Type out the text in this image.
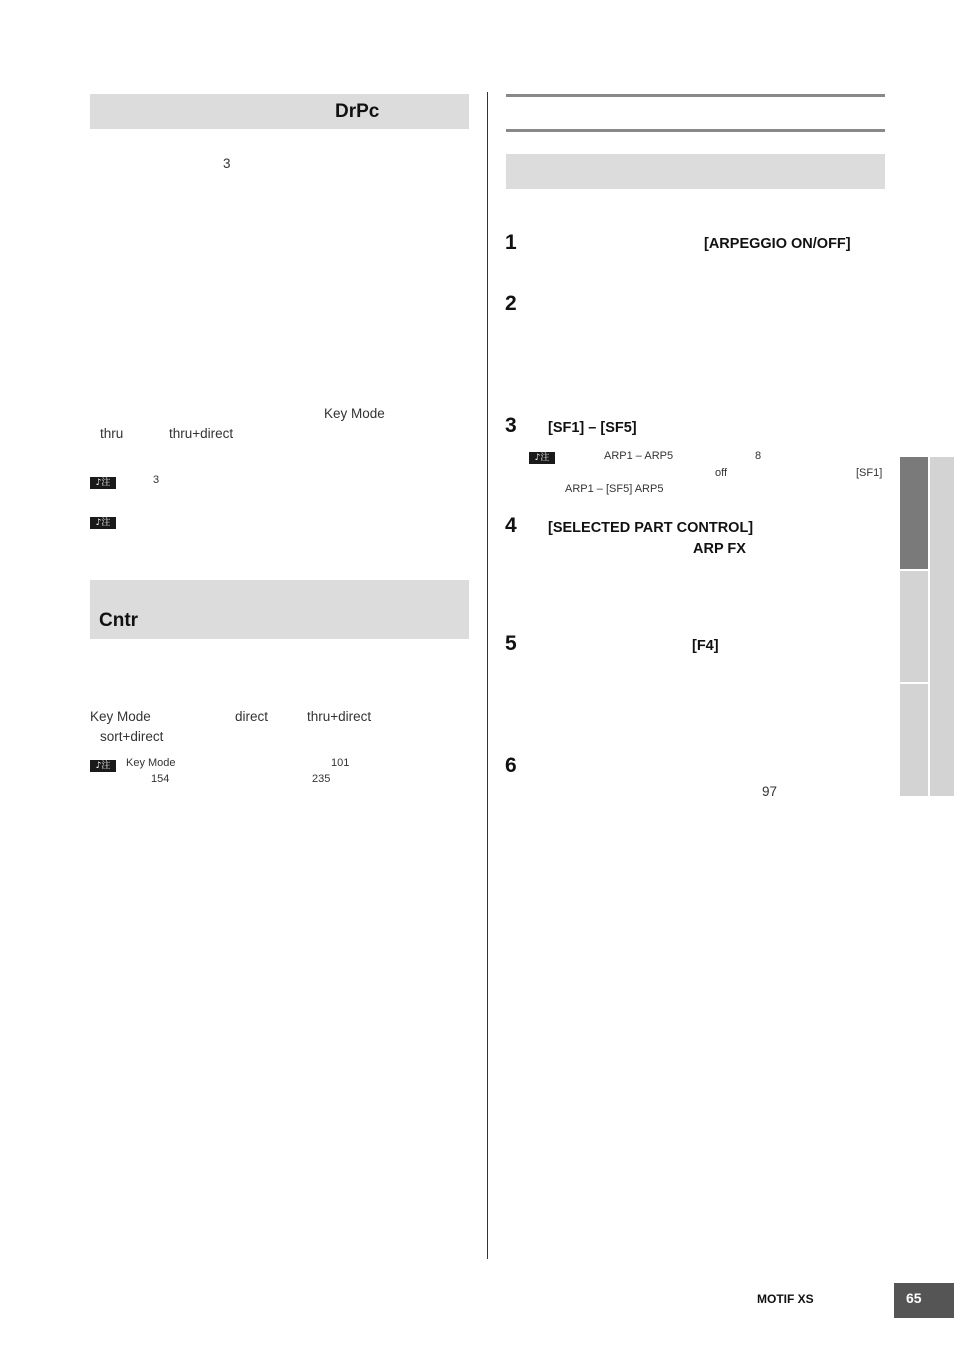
DrPc
3
Key Mode
thru	thru+direct
♪注	3
♪注
Cntr
Key Mode	direct	thru+direct
sort+direct
♪注	Key Mode	101
154	235
1	[ARPEGGIO ON/OFF]
2
3 [SF1] – [SF5]
♪注	ARP1 – ARP5	8
off	[SF1]
ARP1 – [SF5] ARP5
4 [SELECTED PART CONTROL]
ARP FX
5	[F4]
6
97
MOTIF XS	65
